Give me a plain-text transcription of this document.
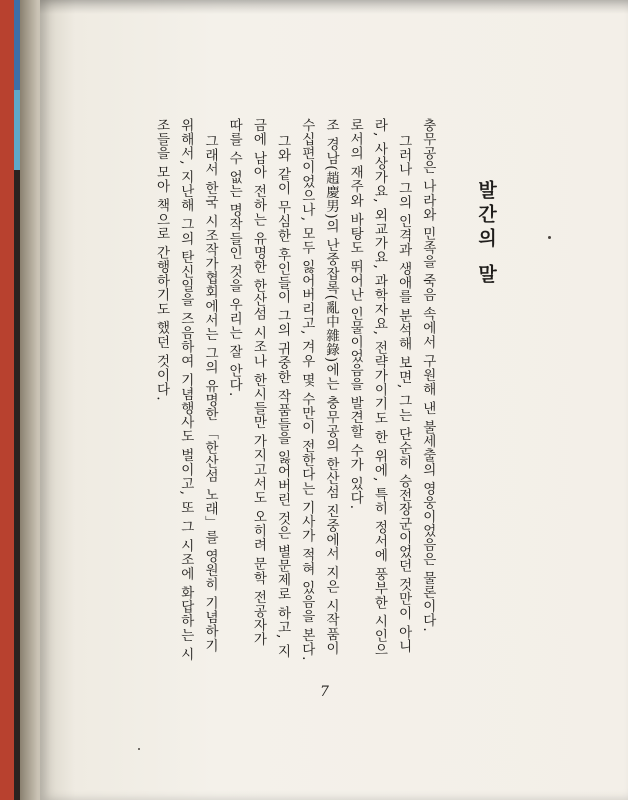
발간의 말

충무공은 나라와 민족을 죽음 속에서 구원해 낸 불세출의 영웅이었음은 물론이다.

그러나 그의 인격과 생애를 분석해 보면, 그는 단순히 승전장군이었던 것만이 아니라, 사상가요, 외교가요, 과학자요, 전략가이기도 한 위에, 특히 정서에 풍부한 시인으로서의 재주와 바탕도 뛰어난 인물이었음을 발견할 수가 있다.

조 경남(趙慶男)의 난중잡록(亂中雜錄)에는 충무공의 한산섬 진중에서 지은 시작품이 수십편이었으나, 모두 잃어버리고, 겨우 몇 수만이 전한다는 기사가 적혀 있음을 본다.

그와 같이 무심한 후인들이 그의 귀중한 작품들을 잃어버린 것은 별문제로 하고, 지금에 남아 전하는 유명한 한산섬 시조나 한시들만 가지고서도 오히려 문학 전공자가 따를 수 없는 명작들인 것을 우리는 잘 안다.

그래서 한국 시조작가협회에서는 그의 유명한 「한산섬 노래」를 영원히 기념하기 위해서, 지난해 그의 탄신일을 즈음하여 기념행사도 벌이고, 또 그 시조에 화답하는 시조들을 모아 책으로 간행하기도 했던 것이다.

7
